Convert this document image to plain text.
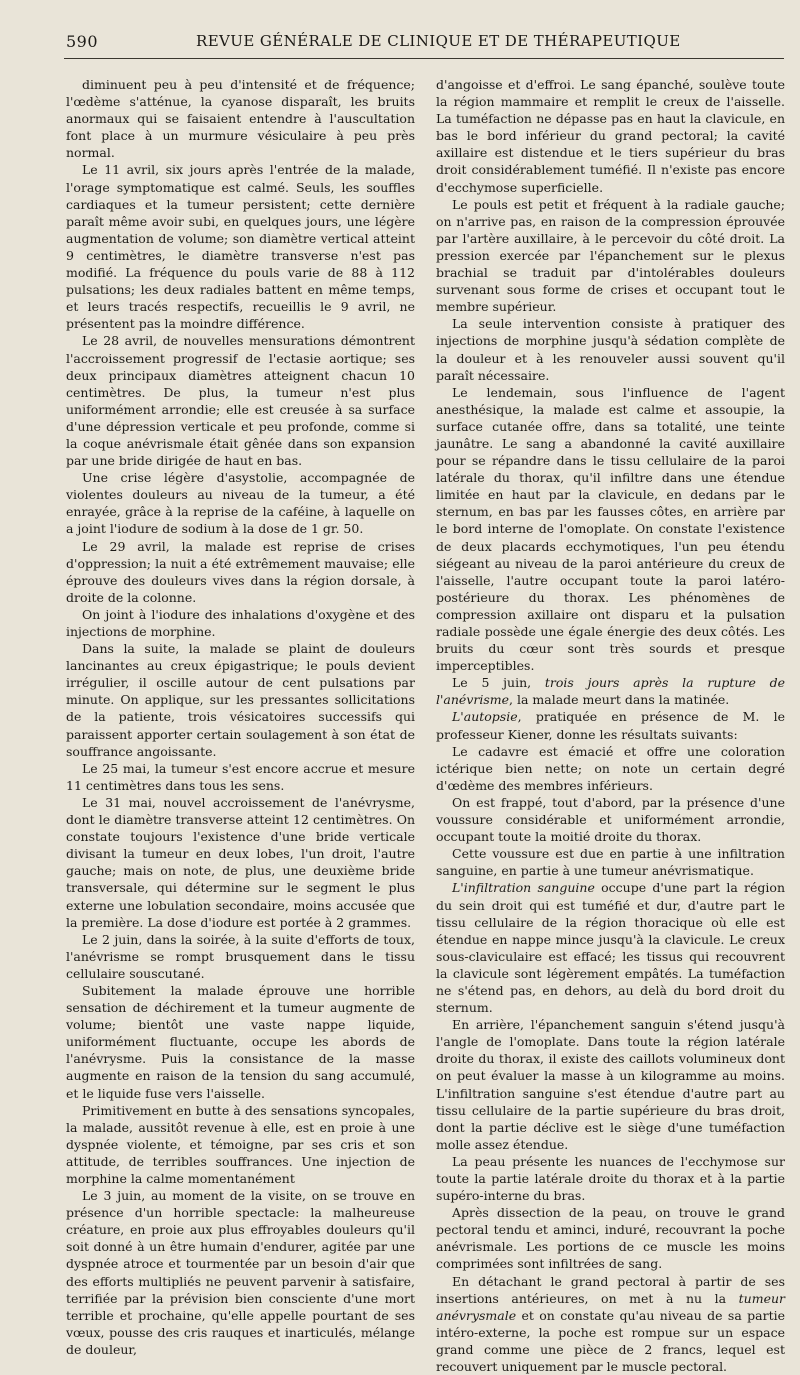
590	REVUE GÉNÉRALE DE CLINIQUE ET DE THÉRAPEUTIQUE

diminuent peu à peu d'intensité et de fréquence; l'œdème s'atténue, la cyanose disparaît, les bruits anormaux qui se faisaient entendre à l'auscultation font place à un murmure vésiculaire à peu près normal.

Le 11 avril, six jours après l'entrée de la malade, l'orage symptomatique est calmé. Seuls, les souffles cardiaques et la tumeur persistent; cette dernière paraît même avoir subi, en quelques jours, une légère augmentation de volume; son diamètre vertical atteint 9 centimètres, le diamètre transverse n'est pas modifié. La fréquence du pouls varie de 88 à 112 pulsations; les deux radiales battent en même temps, et leurs tracés respectifs, recueillis le 9 avril, ne présentent pas la moindre différence.

Le 28 avril, de nouvelles mensurations démontrent l'accroissement progressif de l'ectasie aortique; ses deux principaux diamètres atteignent chacun 10 centimètres. De plus, la tumeur n'est plus uniformément arrondie; elle est creusée à sa surface d'une dépression verticale et peu profonde, comme si la coque anévrismale était gênée dans son expansion par une bride dirigée de haut en bas.

Une crise légère d'asystolie, accompagnée de violentes douleurs au niveau de la tumeur, a été enrayée, grâce à la reprise de la caféine, à laquelle on a joint l'iodure de sodium à la dose de 1 gr. 50.

Le 29 avril, la malade est reprise de crises d'oppression; la nuit a été extrêmement mauvaise; elle éprouve des douleurs vives dans la région dorsale, à droite de la colonne.

On joint à l'iodure des inhalations d'oxygène et des injections de morphine.

Dans la suite, la malade se plaint de douleurs lancinantes au creux épigastrique; le pouls devient irrégulier, il oscille autour de cent pulsations par minute. On applique, sur les pressantes sollicitations de la patiente, trois vésicatoires successifs qui paraissent apporter certain soulagement à son état de souffrance angoissante.

Le 25 mai, la tumeur s'est encore accrue et mesure 11 centimètres dans tous les sens.

Le 31 mai, nouvel accroissement de l'anévrysme, dont le diamètre transverse atteint 12 centimètres. On constate toujours l'existence d'une bride verticale divisant la tumeur en deux lobes, l'un droit, l'autre gauche; mais on note, de plus, une deuxième bride transversale, qui détermine sur le segment le plus externe une lobulation secondaire, moins accusée que la première. La dose d'iodure est portée à 2 grammes.

Le 2 juin, dans la soirée, à la suite d'efforts de toux, l'anévrisme se rompt brusquement dans le tissu cellulaire souscutané.

Subitement la malade éprouve une horrible sensation de déchirement et la tumeur augmente de volume; bientôt une vaste nappe liquide, uniformément fluctuante, occupe les abords de l'anévrysme. Puis la consistance de la masse augmente en raison de la tension du sang accumulé, et le liquide fuse vers l'aisselle.

Primitivement en butte à des sensations syncopales, la malade, aussitôt revenue à elle, est en proie à une dyspnée violente, et témoigne, par ses cris et son attitude, de terribles souffrances. Une injection de morphine la calme momentanément

Le 3 juin, au moment de la visite, on se trouve en présence d'un horrible spectacle: la malheureuse créature, en proie aux plus effroyables douleurs qu'il soit donné à un être humain d'endurer, agitée par une dyspnée atroce et tourmentée par un besoin d'air que des efforts multipliés ne peuvent parvenir à satisfaire, terrifiée par la prévision bien consciente d'une mort terrible et prochaine, qu'elle appelle pourtant de ses vœux, pousse des cris rauques et inarticulés, mélange de douleur,

d'angoisse et d'effroi. Le sang épanché, soulève toute la région mammaire et remplit le creux de l'aisselle. La tuméfaction ne dépasse pas en haut la clavicule, en bas le bord inférieur du grand pectoral; la cavité axillaire est distendue et le tiers supérieur du bras droit considérablement tuméfié. Il n'existe pas encore d'ecchymose superficielle.

Le pouls est petit et fréquent à la radiale gauche; on n'arrive pas, en raison de la compression éprouvée par l'artère auxillaire, à le percevoir du côté droit. La pression exercée par l'épanchement sur le plexus brachial se traduit par d'intolérables douleurs survenant sous forme de crises et occupant tout le membre supérieur.

La seule intervention consiste à pratiquer des injections de morphine jusqu'à sédation complète de la douleur et à les renouveler aussi souvent qu'il paraît nécessaire.

Le lendemain, sous l'influence de l'agent anesthésique, la malade est calme et assoupie, la surface cutanée offre, dans sa totalité, une teinte jaunâtre. Le sang a abandonné la cavité auxillaire pour se répandre dans le tissu cellulaire de la paroi latérale du thorax, qu'il infiltre dans une étendue limitée en haut par la clavicule, en dedans par le sternum, en bas par les fausses côtes, en arrière par le bord interne de l'omoplate. On constate l'existence de deux placards ecchymotiques, l'un peu étendu siégeant au niveau de la paroi antérieure du creux de l'aisselle, l'autre occupant toute la paroi latéro-postérieure du thorax. Les phénomènes de compression axillaire ont disparu et la pulsation radiale possède une égale énergie des deux côtés. Les bruits du cœur sont très sourds et presque imperceptibles.

Le 5 juin, trois jours après la rupture de l'anévrisme, la malade meurt dans la matinée.

L'autopsie, pratiquée en présence de M. le professeur Kiener, donne les résultats suivants:

Le cadavre est émacié et offre une coloration ictérique bien nette; on note un certain degré d'œdème des membres inférieurs.

On est frappé, tout d'abord, par la présence d'une voussure considérable et uniformément arrondie, occupant toute la moitié droite du thorax.

Cette voussure est due en partie à une infiltration sanguine, en partie à une tumeur anévrismatique.

L'infiltration sanguine occupe d'une part la région du sein droit qui est tuméfié et dur, d'autre part le tissu cellulaire de la région thoracique où elle est étendue en nappe mince jusqu'à la clavicule. Le creux sous-claviculaire est effacé; les tissus qui recouvrent la clavicule sont légèrement empâtés. La tuméfaction ne s'étend pas, en dehors, au delà du bord droit du sternum.

En arrière, l'épanchement sanguin s'étend jusqu'à l'angle de l'omoplate. Dans toute la région latérale droite du thorax, il existe des caillots volumineux dont on peut évaluer la masse à un kilogramme au moins. L'infiltration sanguine s'est étendue d'autre part au tissu cellulaire de la partie supérieure du bras droit, dont la partie déclive est le siège d'une tuméfaction molle assez étendue.

La peau présente les nuances de l'ecchymose sur toute la partie latérale droite du thorax et à la partie supéro-interne du bras.

Après dissection de la peau, on trouve le grand pectoral tendu et aminci, induré, recouvrant la poche anévrismale. Les portions de ce muscle les moins comprimées sont infiltrées de sang.

En détachant le grand pectoral à partir de ses insertions antérieures, on met à nu la tumeur anévrysmale et on constate qu'au niveau de sa partie intéro-externe, la poche est rompue sur un espace grand comme une pièce de 2 francs, lequel est recouvert uniquement par le muscle pectoral.
